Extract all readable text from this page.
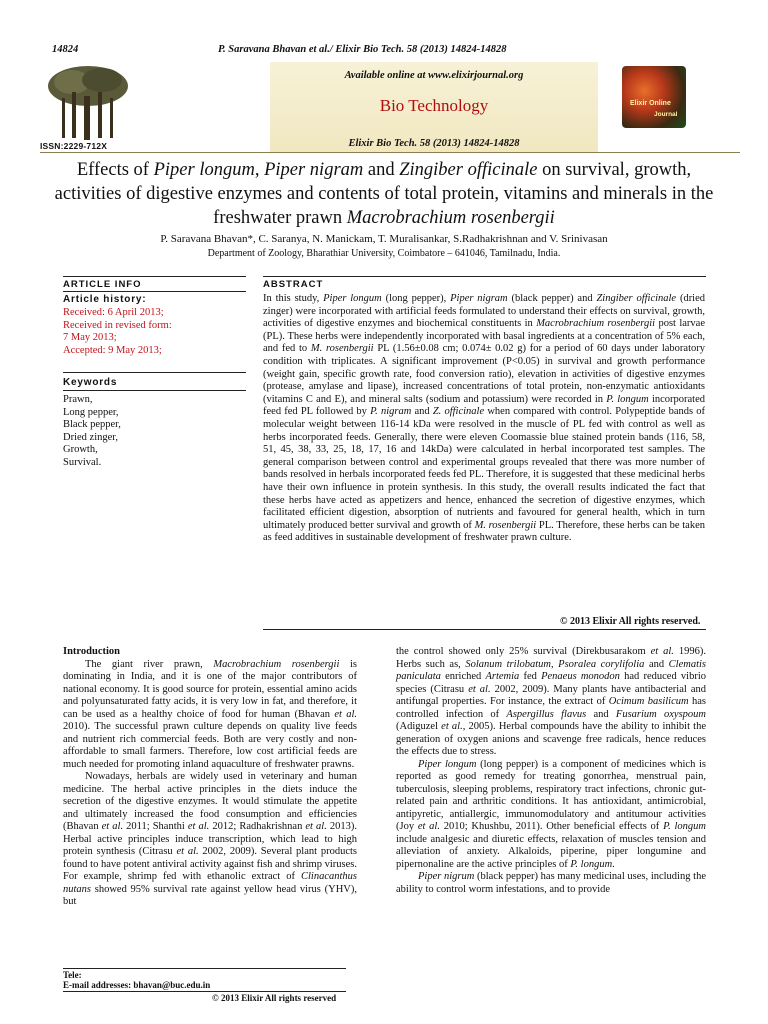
14824	P. Saravana Bhavan et al./ Elixir Bio Tech. 58 (2013) 14824-14828
ISSN:2229-712X
Available online at www.elixirjournal.org
Bio Technology
Elixir Bio Tech. 58 (2013) 14824-14828
Elixir Online
Journal
Effects of Piper longum, Piper nigram and Zingiber officinale on survival, growth, activities of digestive enzymes and contents of total protein, vitamins and minerals in the freshwater prawn Macrobrachium rosenbergii
P. Saravana Bhavan*, C. Saranya, N. Manickam, T. Muralisankar, S.Radhakrishnan and V. Srinivasan
Department of Zoology, Bharathiar University, Coimbatore – 641046, Tamilnadu, India.
ARTICLE INFO
Article history:
Received: 6 April 2013;
Received in revised form:
7 May 2013;
Accepted: 9 May 2013;
Keywords
Prawn,
Long pepper,
Black pepper,
Dried zinger,
Growth,
Survival.
ABSTRACT
In this study, Piper longum (long pepper), Piper nigram (black pepper) and Zingiber officinale (dried zinger) were incorporated with artificial feeds formulated to understand their effects on survival, growth, activities of digestive enzymes and biochemical constituents in Macrobrachium rosenbergii post larvae (PL). These herbs were independently incorporated with basal ingredients at a concentration of 5% each, and fed to M. rosenbergii PL (1.56±0.08 cm; 0.074± 0.02 g) for a period of 60 days under laboratory condition with triplicates. A significant improvement (P<0.05) in survival and growth performance (weight gain, specific growth rate, food conversion ratio), elevation in activities of digestive enzymes (protease, amylase and lipase), increased concentrations of total protein, non-enzymatic antioxidants (vitamins C and E), and mineral salts (sodium and potassium) were recorded in P. longum incorporated feed fed PL followed by P. nigram and Z. officinale when compared with control. Polypeptide bands of molecular weight between 116-14 kDa were resolved in the muscle of PL fed with control as well as herbs incorporated feeds. Generally, there were eleven Coomassie blue stained protein bands (116, 58, 51, 45, 38, 33, 25, 18, 17, 16 and 14kDa) were calculated in herbal incorporated test samples. The general comparison between control and experimental groups revealed that there was more number of bands resolved in herbals incorporated feeds fed PL. Therefore, it is suggested that these medicinal herbs have their own influence in protein synthesis. In this study, the overall results indicated the fact that these herbs have acted as appetizers and hence, enhanced the secretion of digestive enzymes, which facilitated efficient digestion, absorption of nutrients and favoured for general health, which in turn ultimately produced better survival and growth of M. rosenbergii PL. Therefore, these herbs can be taken as feed additives in sustainable development of freshwater prawn culture.
© 2013 Elixir All rights reserved.

Introduction

The giant river prawn, Macrobrachium rosenbergii is dominating in India, and it is one of the major contributors of national economy. It is good source for protein, essential amino acids and polyunsaturated fatty acids, it is very low in fat, and therefore, it can be used as a healthy choice of food for human (Bhavan et al. 2010). The successful prawn culture depends on quality live feeds and nutrient rich commercial feeds. Both are very costly and non-affordable to small farmers. Therefore, low cost artificial feeds are much needed for promoting inland aquaculture of freshwater prawns.

Nowadays, herbals are widely used in veterinary and human medicine. The herbal active principles in the diets induce the secretion of the digestive enzymes. It would stimulate the appetite and ultimately increased the food consumption and efficiencies (Bhavan et al. 2011; Shanthi et al. 2012; Radhakrishnan et al. 2013). Herbal active principles induce transcription, which lead to high protein synthesis (Citrasu et al. 2002, 2009). Several plant products found to have potent antiviral activity against fish and shrimp viruses. For example, shrimp fed with ethanolic extract of Clinacanthus nutans showed 95% survival rate against yellow head virus (YHV), but

the control showed only 25% survival (Direkbusarakom et al. 1996). Herbs such as, Solanum trilobatum, Psoralea corylifolia and Clematis paniculata enriched Artemia fed Penaeus monodon had reduced vibrio species (Citrasu et al. 2002, 2009). Many plants have antibacterial and antifungal properties. For instance, the extract of Ocimum basilicum has controlled infection of Aspergillus flavus and Fusarium oxyspoum (Adiguzel et al., 2005). Herbal compounds have the ability to inhibit the generation of oxygen anions and scavenge free radicals, hence reduces the effects due to stress.

Piper longum (long pepper) is a component of medicines which is reported as good remedy for treating gonorrhea, menstrual pain, tuberculosis, sleeping problems, respiratory tract infections, chronic gut-related pain and arthritic conditions. It has antioxidant, antimicrobial, antipyretic, antiallergic, immunomodulatory and antitumour activities (Joy et al. 2010; Khushbu, 2011). Other beneficial effects of P. longum include analgesic and diuretic effects, relaxation of muscles tension and alleviation of anxiety. Alkaloids, piperine, piper longumine and pipernonaline are the active principles of P. longum.

Piper nigrum (black pepper) has many medicinal uses, including the ability to control worm infestations, and to provide

Tele:
E-mail addresses: bhavan@buc.edu.in
© 2013 Elixir All rights reserved
